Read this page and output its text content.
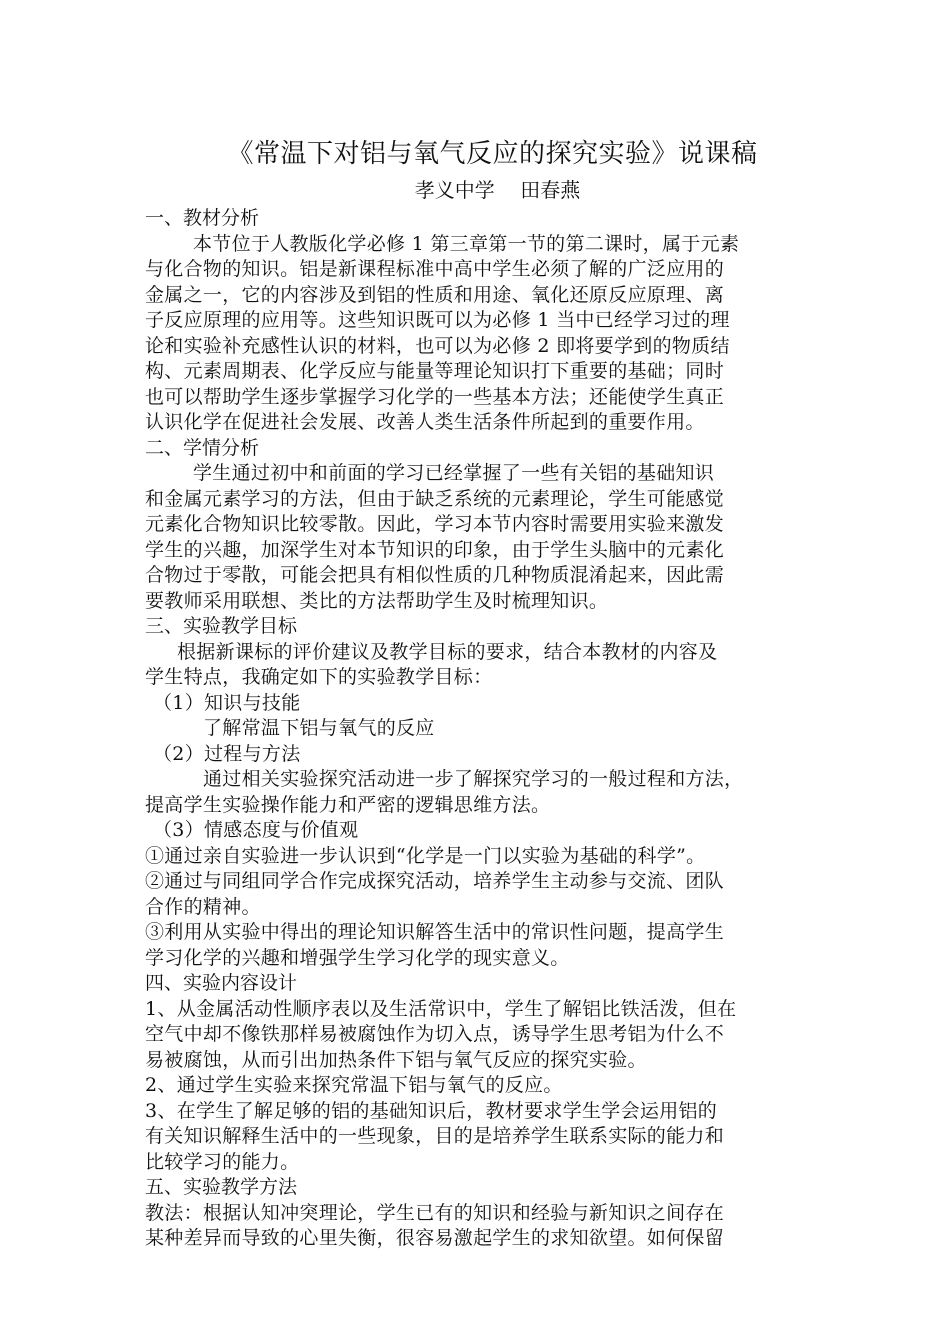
《常温下对铝与氧气反应的探究实验》说课稿
孝义中学    田春燕
一、教材分析
本节位于人教版化学必修 1 第三章第一节的第二课时，属于元素
与化合物的知识。铝是新课程标准中高中学生必须了解的广泛应用的
金属之一，它的内容涉及到铝的性质和用途、氧化还原反应原理、离
子反应原理的应用等。这些知识既可以为必修 1 当中已经学习过的理
论和实验补充感性认识的材料，也可以为必修 2 即将要学到的物质结
构、元素周期表、化学反应与能量等理论知识打下重要的基础；同时
也可以帮助学生逐步掌握学习化学的一些基本方法；还能使学生真正
认识化学在促进社会发展、改善人类生活条件所起到的重要作用。
二、学情分析
学生通过初中和前面的学习已经掌握了一些有关铝的基础知识
和金属元素学习的方法，但由于缺乏系统的元素理论，学生可能感觉
元素化合物知识比较零散。因此，学习本节内容时需要用实验来激发
学生的兴趣，加深学生对本节知识的印象，由于学生头脑中的元素化
合物过于零散，可能会把具有相似性质的几种物质混淆起来，因此需
要教师采用联想、类比的方法帮助学生及时梳理知识。
三、实验教学目标
根据新课标的评价建议及教学目标的要求，结合本教材的内容及
学生特点，我确定如下的实验教学目标：
（1）知识与技能
了解常温下铝与氧气的反应
（2）过程与方法
通过相关实验探究活动进一步了解探究学习的一般过程和方法，
提高学生实验操作能力和严密的逻辑思维方法。
（3）情感态度与价值观
①通过亲自实验进一步认识到“化学是一门以实验为基础的科学”。
②通过与同组同学合作完成探究活动，培养学生主动参与交流、团队
合作的精神。
③利用从实验中得出的理论知识解答生活中的常识性问题，提高学生
学习化学的兴趣和增强学生学习化学的现实意义。
四、实验内容设计
1、从金属活动性顺序表以及生活常识中，学生了解铝比铁活泼，但在
空气中却不像铁那样易被腐蚀作为切入点，诱导学生思考铝为什么不
易被腐蚀，从而引出加热条件下铝与氧气反应的探究实验。
2、通过学生实验来探究常温下铝与氧气的反应。
3、在学生了解足够的铝的基础知识后，教材要求学生学会运用铝的
有关知识解释生活中的一些现象，目的是培养学生联系实际的能力和
比较学习的能力。
五、实验教学方法
教法：根据认知冲突理论，学生已有的知识和经验与新知识之间存在
某种差异而导致的心里失衡，很容易激起学生的求知欲望。如何保留
